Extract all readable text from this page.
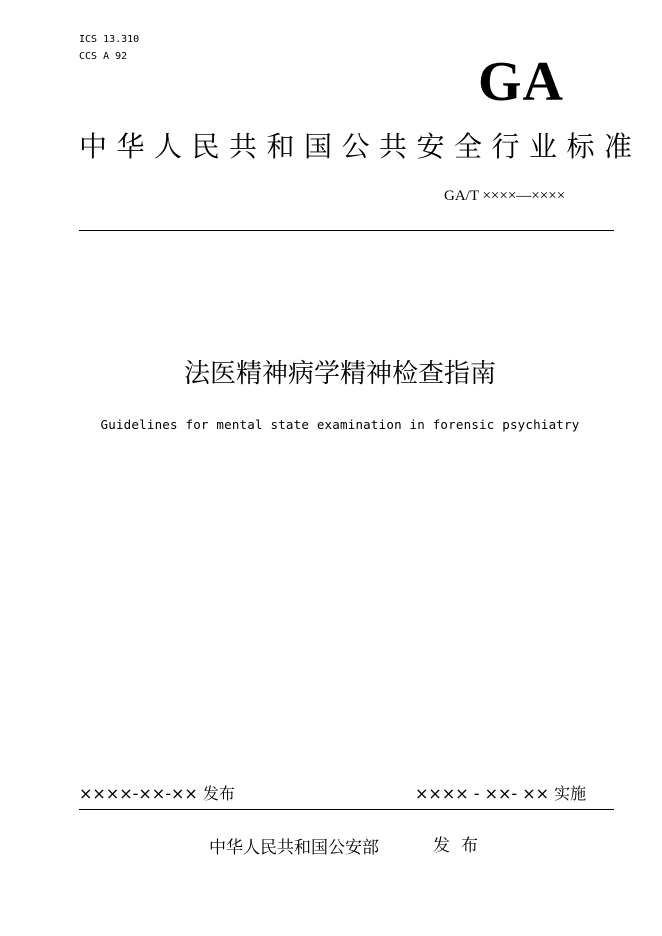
ICS 13.310
CCS A 92	GA
中华人民共和国公共安全行业标准
GA/T ××××—××××
法医精神病学精神检查指南
Guidelines for mental state examination in forensic psychiatry
××××-××-×× 发布	×××× - ××- ×× 实施
中华人民共和国公安部	发布
